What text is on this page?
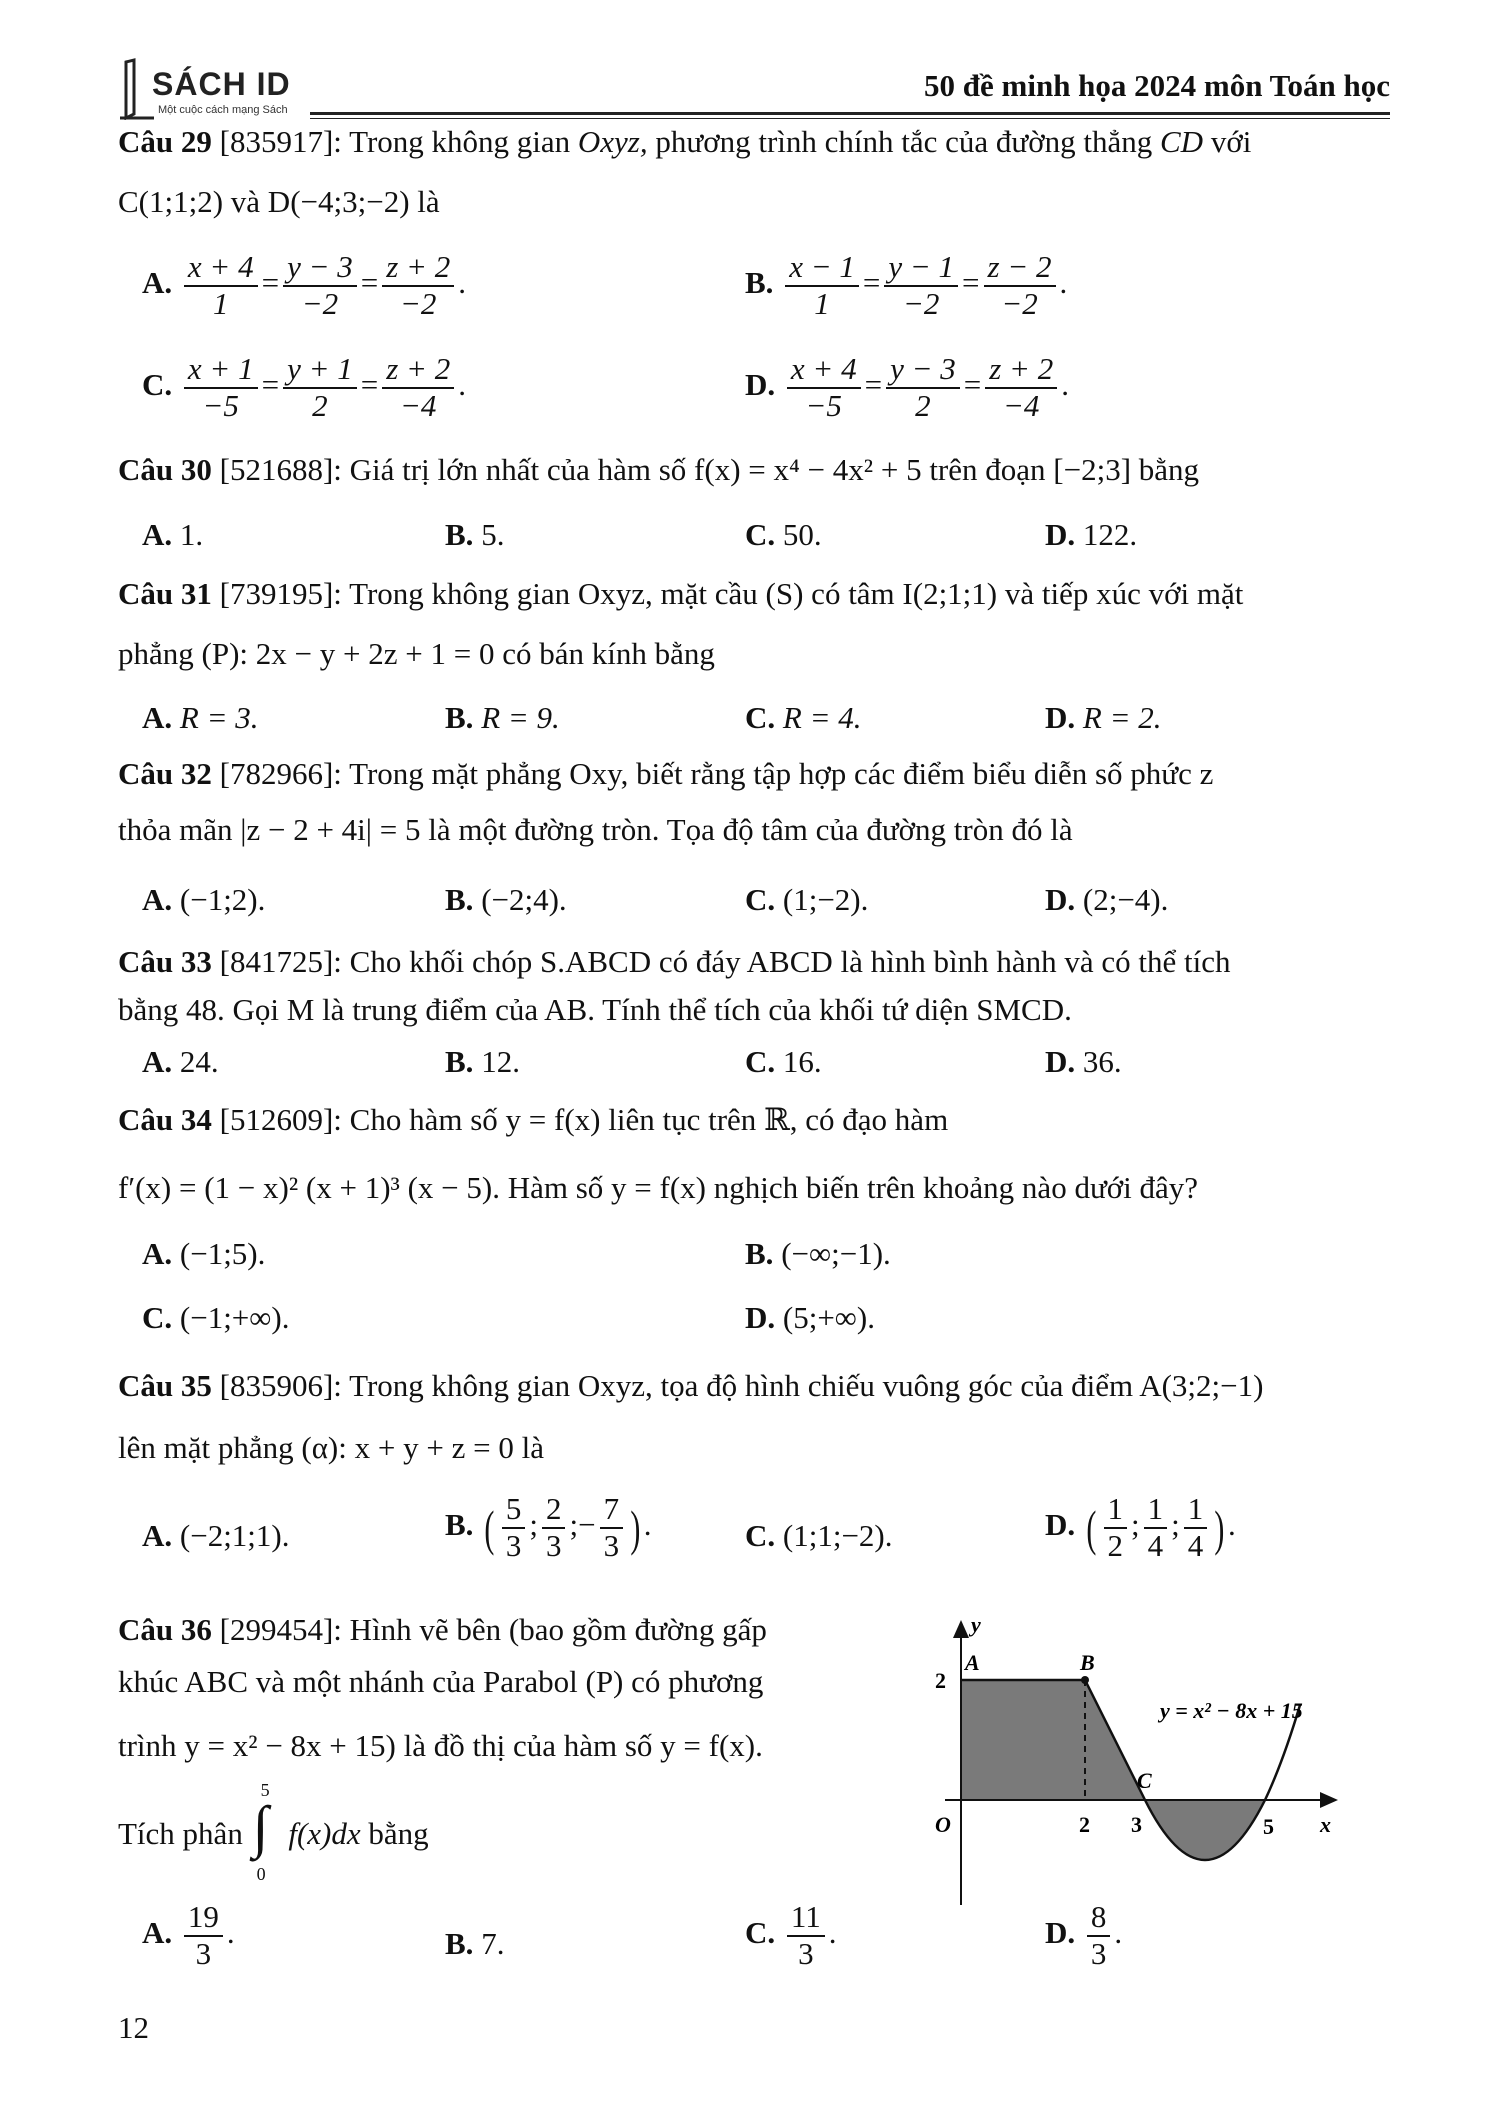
SÁCH ID
Một cuộc cách mạng Sách
50 đề minh họa 2024 môn Toán học
Câu 29 [835917]: Trong không gian Oxyz, phương trình chính tắc của đường thẳng CD với
C(1;1;2) và D(−4;3;−2) là
A. $\frac{x + 4}{1} = \frac{y - 3}{-2} = \frac{z + 2}{-2}$ .	B. $\frac{x - 1}{1} = \frac{y - 1}{-2} = \frac{z - 2}{-2}$ .
C. $\frac{x + 1}{-5} = \frac{y + 1}{2} = \frac{z + 2}{-4}$ .	D. $\frac{x + 4}{-5} = \frac{y - 3}{2} = \frac{z + 2}{-4}$ .
Câu 30 [521688]: Giá trị lớn nhất của hàm số f(x) = x⁴ − 4x² + 5 trên đoạn [−2;3] bằng
A. 1.	B. 5.	C. 50.	D. 122.
Câu 31 [739195]: Trong không gian Oxyz, mặt cầu (S) có tâm I(2;1;1) và tiếp xúc với mặt
phẳng (P): 2x − y + 2z + 1 = 0 có bán kính bằng
A. R = 3.	B. R = 9.	C. R = 4.	D. R = 2.
Câu 32 [782966]: Trong mặt phẳng Oxy, biết rằng tập hợp các điểm biểu diễn số phức z
thỏa mãn |z − 2 + 4i| = 5 là một đường tròn. Tọa độ tâm của đường tròn đó là
A. (−1;2).	B. (−2;4).	C. (1;−2).	D. (2;−4).
Câu 33 [841725]: Cho khối chóp S.ABCD có đáy ABCD là hình bình hành và có thể tích
bằng 48. Gọi M là trung điểm của AB. Tính thể tích của khối tứ diện SMCD.
A. 24.	B. 12.	C. 16.	D. 36.
Câu 34 [512609]: Cho hàm số y = f(x) liên tục trên ℝ, có đạo hàm
f′(x) = (1 − x)² (x + 1)³ (x − 5). Hàm số y = f(x) nghịch biến trên khoảng nào dưới đây?
A. (−1;5).	B. (−∞;−1).
C. (−1;+∞).	D. (5;+∞).
Câu 35 [835906]: Trong không gian Oxyz, tọa độ hình chiếu vuông góc của điểm A(3;2;−1)
lên mặt phẳng (α): x + y + z = 0 là
A. (−2;1;1).	B. ( $\frac{5}{3}$ ; $\frac{2}{3}$ ;− $\frac{7}{3}$ ) .	C. (1;1;−2).	D. ( $\frac{1}{2}$ ; $\frac{1}{4}$ ; $\frac{1}{4}$ ) .
Câu 36 [299454]: Hình vẽ bên (bao gồm đường gấp
khúc ABC và một nhánh của Parabol (P) có phương
trình y = x² − 8x + 15) là đồ thị của hàm số y = f(x).
Tích phân
5
∫
0
f(x)dx bằng
y
x
O
A	B
C
2
2 3	5
y = x² − 8x + 15
A. $\frac{19}{3}$ .	B. 7.	C. $\frac{11}{3}$ .	D. $\frac{8}{3}$ .
12
